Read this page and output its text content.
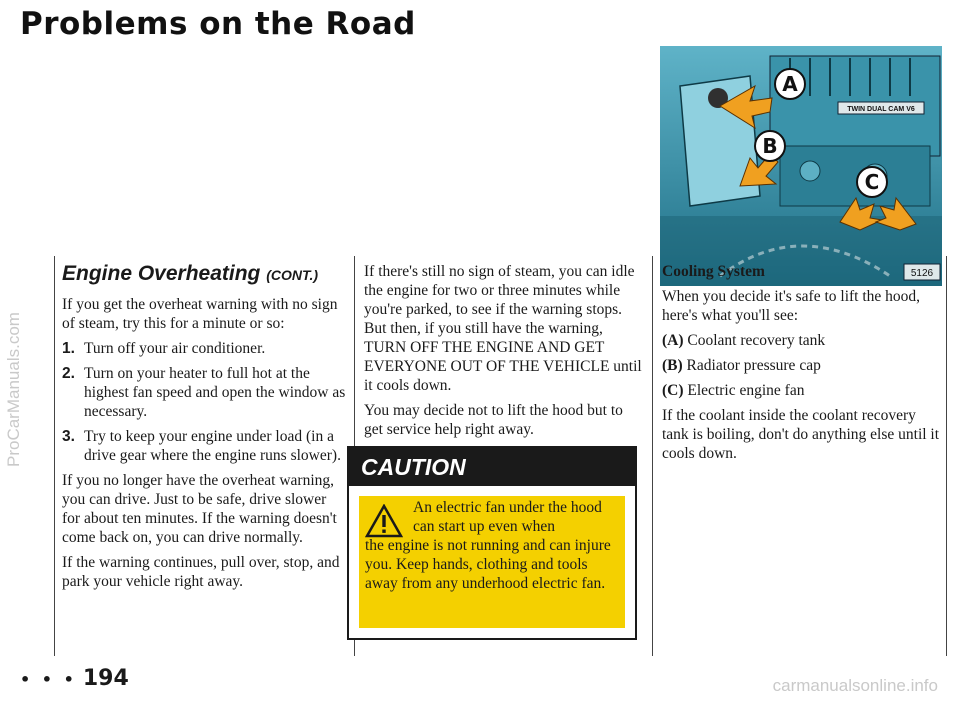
Problems on the Road
ProCarManuals.com
Engine Overheating (CONT.)

If you get the overheat warning with no sign of steam, try this for a minute or so:

1. Turn off your air conditioner.
2. Turn on your heater to full hot at the highest fan speed and open the window as necessary.
3. Try to keep your engine under load (in a drive gear where the engine runs slower).

If you no longer have the overheat warning, you can drive. Just to be safe, drive slower for about ten minutes. If the warning doesn't come back on, you can drive normally.

If the warning continues, pull over, stop, and park your vehicle right away.

If there's still no sign of steam, you can idle the engine for two or three minutes while you're parked, to see if the warning stops. But then, if you still have the warning, TURN OFF THE ENGINE AND GET EVERYONE OUT OF THE VEHICLE until it cools down.

You may decide not to lift the hood but to get service help right away.

CAUTION
An electric fan under the hood can start up even when
the engine is not running and can injure you. Keep hands, clothing and tools away from any underhood electric fan.
TWIN DUAL CAM V6
A
B
C
5126

Cooling System

When you decide it's safe to lift the hood, here's what you'll see:

(A) Coolant recovery tank

(B) Radiator pressure cap

(C) Electric engine fan

If the coolant inside the coolant recovery tank is boiling, don't do anything else until it cools down.

• • • 194	carmanualsonline.info
